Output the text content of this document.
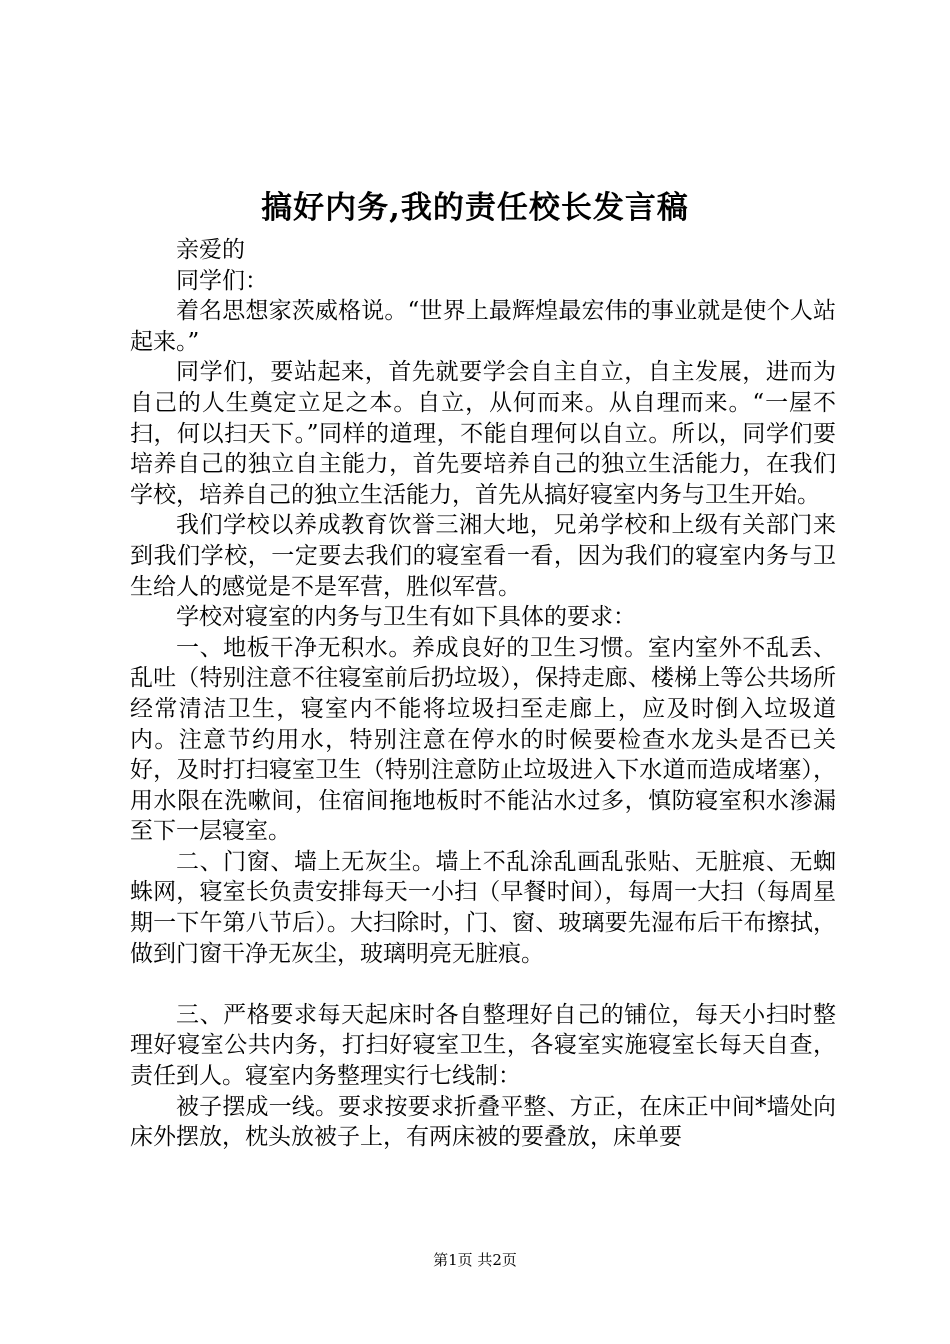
搞好内务,我的责任校长发言稿

亲爱的

同学们：

着名思想家茨威格说。“世界上最辉煌最宏伟的事业就是使个人站起来。”

同学们，要站起来，首先就要学会自主自立，自主发展，进而为自己的人生奠定立足之本。自立，从何而来。从自理而来。“一屋不扫，何以扫天下。”同样的道理，不能自理何以自立。所以，同学们要培养自己的独立自主能力，首先要培养自己的独立生活能力，在我们学校，培养自己的独立生活能力，首先从搞好寝室内务与卫生开始。

我们学校以养成教育饮誉三湘大地，兄弟学校和上级有关部门来到我们学校，一定要去我们的寝室看一看，因为我们的寝室内务与卫生给人的感觉是不是军营，胜似军营。

学校对寝室的内务与卫生有如下具体的要求：

一、地板干净无积水。养成良好的卫生习惯。室内室外不乱丢、乱吐（特别注意不往寝室前后扔垃圾），保持走廊、楼梯上等公共场所经常清洁卫生，寝室内不能将垃圾扫至走廊上，应及时倒入垃圾道内。注意节约用水，特别注意在停水的时候要检查水龙头是否已关好，及时打扫寝室卫生（特别注意防止垃圾进入下水道而造成堵塞），用水限在洗嗽间，住宿间拖地板时不能沾水过多，慎防寝室积水渗漏至下一层寝室。

二、门窗、墙上无灰尘。墙上不乱涂乱画乱张贴、无脏痕、无蜘蛛网，寝室长负责安排每天一小扫（早餐时间），每周一大扫（每周星期一下午第八节后）。大扫除时，门、窗、玻璃要先湿布后干布擦拭，做到门窗干净无灰尘，玻璃明亮无脏痕。

三、严格要求每天起床时各自整理好自己的铺位，每天小扫时整理好寝室公共内务，打扫好寝室卫生，各寝室实施寝室长每天自查，责任到人。寝室内务整理实行七线制：

被子摆成一线。要求按要求折叠平整、方正，在床正中间*墙处向床外摆放，枕头放被子上，有两床被的要叠放，床单要

第1页 共2页
